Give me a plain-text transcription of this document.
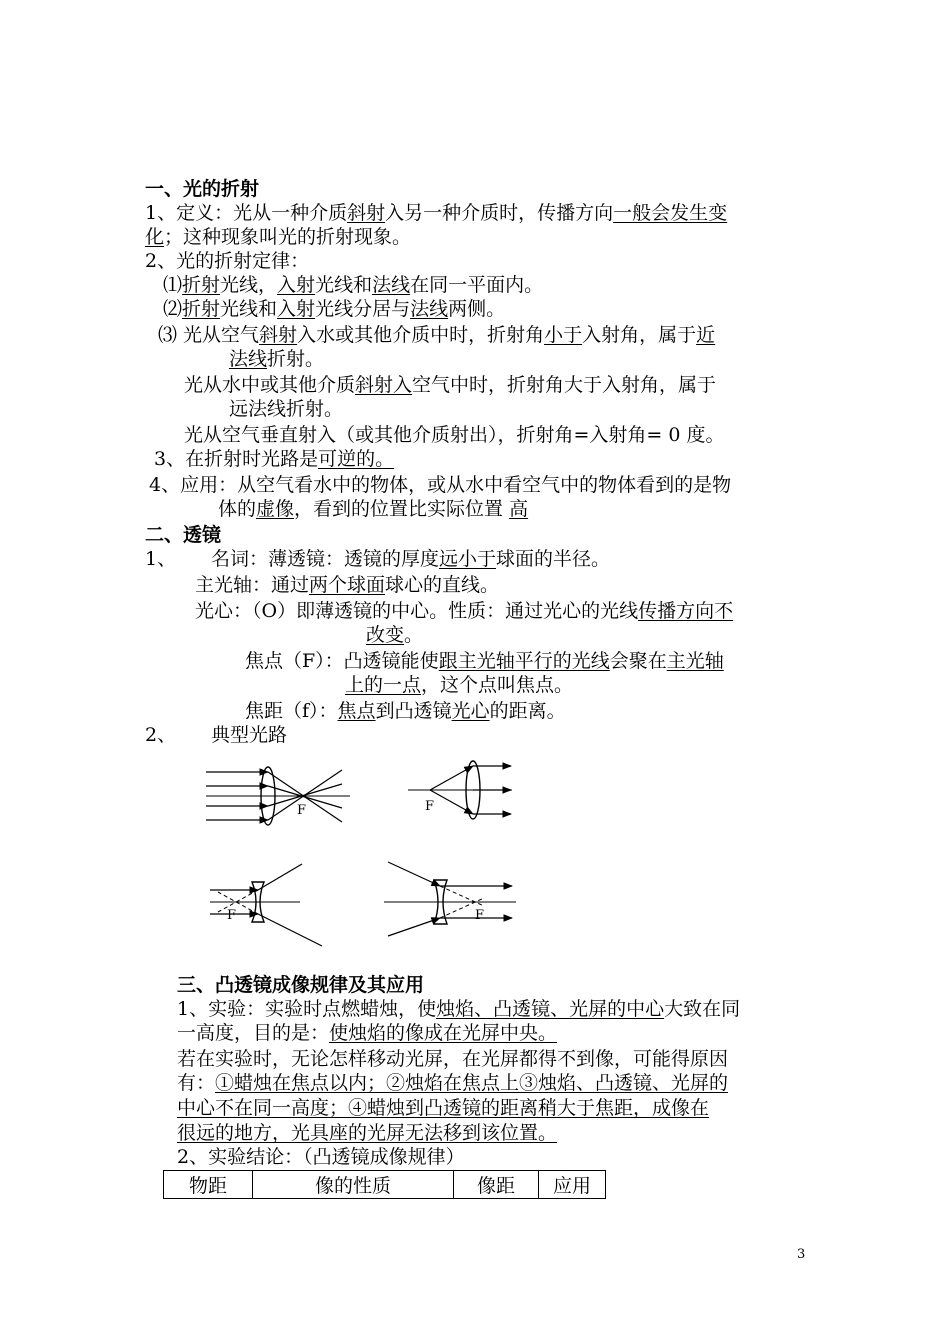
一、光的折射
1、定义：光从一种介质斜射入另一种介质时，传播方向一般会发生变
化；这种现象叫光的折射现象。
2、光的折射定律：
⑴折射光线，入射光线和法线在同一平面内。
⑵折射光线和入射光线分居与法线两侧。
⑶ 光从空气斜射入水或其他介质中时，折射角小于入射角，属于近
法线折射。
光从水中或其他介质斜射入空气中时，折射角大于入射角，属于
远法线折射。
光从空气垂直射入（或其他介质射出），折射角=入射角= 0 度。
3、在折射时光路是可逆的。
4、应用：从空气看水中的物体，或从水中看空气中的物体看到的是物
体的虚像，看到的位置比实际位置 高
二、透镜
1、 名词：薄透镜：透镜的厚度远小于球面的半径。
主光轴：通过两个球面球心的直线。
光心：（O）即薄透镜的中心。性质：通过光心的光线传播方向不
改变。
焦点（F）：凸透镜能使跟主光轴平行的光线会聚在主光轴
上的一点，这个点叫焦点。
焦距（f）：焦点到凸透镜光心的距离。
2、 典型光路
F	F
F	F
三、凸透镜成像规律及其应用
1、实验：实验时点燃蜡烛，使烛焰、凸透镜、光屏的中心大致在同
一高度，目的是：使烛焰的像成在光屏中央。
若在实验时，无论怎样移动光屏，在光屏都得不到像，可能得原因
有：①蜡烛在焦点以内；②烛焰在焦点上③烛焰、凸透镜、光屏的
中心不在同一高度；④蜡烛到凸透镜的距离稍大于焦距，成像在
很远的地方，光具座的光屏无法移到该位置。
2、实验结论：（凸透镜成像规律）
物距	像的性质	像距	应用
3
